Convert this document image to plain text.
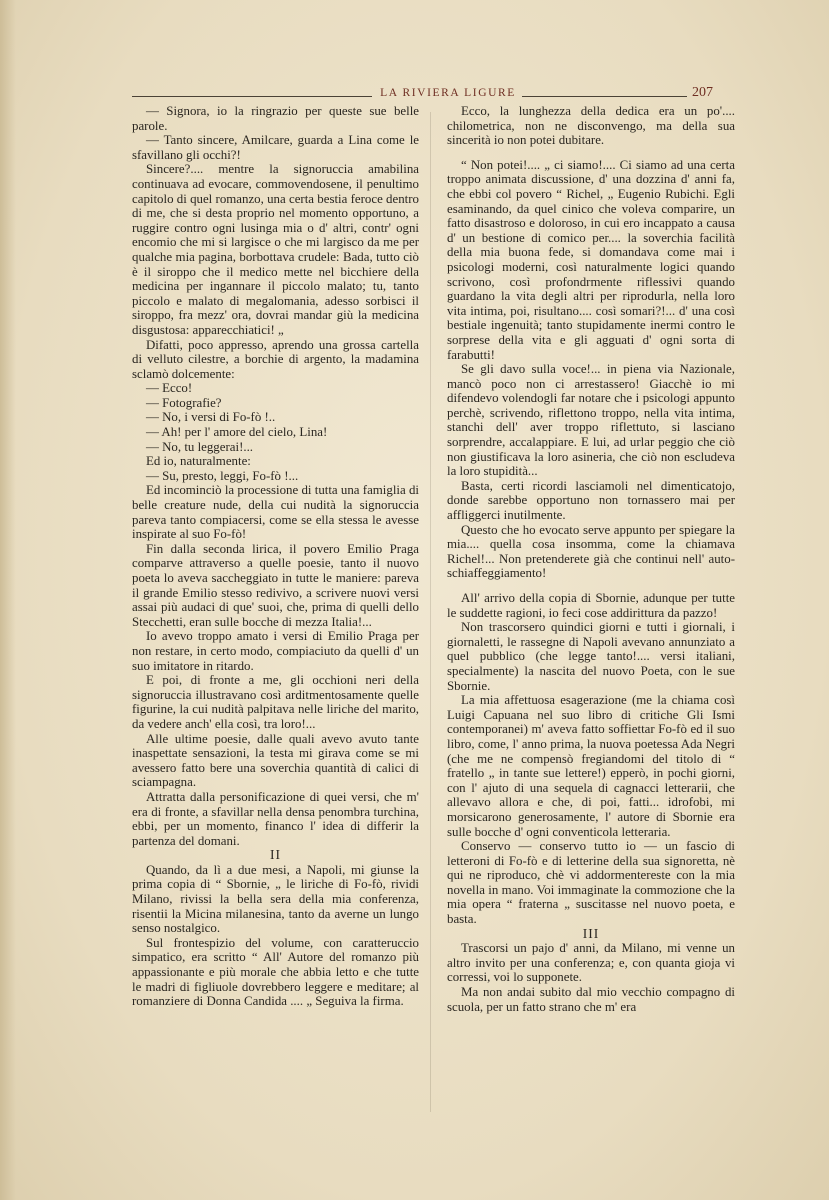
LA RIVIERA LIGURE	207

— Signora, io la ringrazio per queste sue belle parole.

— Tanto sincere, Amilcare, guarda a Lina come le sfavillano gli occhi?!

Sincere?.... mentre la signoruccia amabilina continuava ad evocare, commovendosene, il penultimo capitolo di quel romanzo, una certa bestia feroce dentro di me, che si desta proprio nel momento opportuno, a ruggire contro ogni lusinga mia o d' altri, contr' ogni encomio che mi si largisce o che mi largisco da me per qualche mia pagina, borbottava crudele: Bada, tutto ciò è il siroppo che il medico mette nel bicchiere della medicina per ingannare il piccolo malato; tu, tanto piccolo e malato di megalomania, adesso sorbisci il siroppo, fra mezz' ora, dovrai mandar giù la medicina disgustosa: apparecchiatici! „

Difatti, poco appresso, aprendo una grossa cartella di velluto cilestre, a borchie di argento, la madamina sclamò dolcemente:

— Ecco!

— Fotografie?

— No, i versi di Fo-fò !..

— Ah! per l' amore del cielo, Lina!

— No, tu leggerai!...

Ed io, naturalmente:

— Su, presto, leggi, Fo-fò !...

Ed incominciò la processione di tutta una famiglia di belle creature nude, della cui nudità la signoruccia pareva tanto compiacersi, come se ella stessa le avesse inspirate al suo Fo-fò!

Fin dalla seconda lirica, il povero Emilio Praga comparve attraverso a quelle poesie, tanto il nuovo poeta lo aveva saccheggiato in tutte le maniere: pareva il grande Emilio stesso redivivo, a scrivere nuovi versi assai più audaci di que' suoi, che, prima di quelli dello Stecchetti, eran sulle bocche di mezza Italia!...

Io avevo troppo amato i versi di Emilio Praga per non restare, in certo modo, compiaciuto da quelli d' un suo imitatore in ritardo.

E poi, di fronte a me, gli occhioni neri della signoruccia illustravano così arditmentosamente quelle figurine, la cui nudità palpitava nelle liriche del marito, da vedere anch' ella così, tra loro!...

Alle ultime poesie, dalle quali avevo avuto tante inaspettate sensazioni, la testa mi girava come se mi avessero fatto bere una soverchia quantità di calici di sciampagna.

Attratta dalla personificazione di quei versi, che m' era di fronte, a sfavillar nella densa penombra turchina, ebbi, per un momento, financo l' idea di differir la partenza del domani.

II

Quando, da lì a due mesi, a Napoli, mi giunse la prima copia di “ Sbornie, „ le liriche di Fo-fò, rividi Milano, rivissi la bella sera della mia conferenza, risentii la Micina milanesina, tanto da averne un lungo senso nostalgico.

Sul frontespizio del volume, con caratteruccio simpatico, era scritto “ All' Autore del romanzo più appassionante e più morale che abbia letto e che tutte le madri di figliuole dovrebbero leggere e meditare; al romanziere di Donna Candida .... „ Seguiva la firma.

Ecco, la lunghezza della dedica era un po'.... chilometrica, non ne disconvengo, ma della sua sincerità io non potei dubitare.

“ Non potei!.... „ ci siamo!.... Ci siamo ad una certa troppo animata discussione, d' una dozzina d' anni fa, che ebbi col povero “ Richel, „ Eugenio Rubichi. Egli esaminando, da quel cinico che voleva comparire, un fatto disastroso e doloroso, in cui ero incappato a causa d' un bestione di comico per.... la soverchia facilità della mia buona fede, si domandava come mai i psicologi moderni, così naturalmente logici quando scrivono, così profondrmente riflessivi quando guardano la vita degli altri per riprodurla, nella loro vita intima, poi, risultano.... così somari?!... d' una così bestiale ingenuità; tanto stupidamente inermi contro le sorprese della vita e gli agguati d' ogni sorta di farabutti!

Se gli davo sulla voce!... in piena via Nazionale, mancò poco non ci arrestassero! Giacchè io mi difendevo volendogli far notare che i psicologi appunto perchè, scrivendo, riflettono troppo, nella vita intima, stanchi dell' aver troppo riflettuto, si lasciano sorprendre, accalappiare. E lui, ad urlar peggio che ciò non giustificava la loro asineria, che ciò non escludeva la loro stupidità...

Basta, certi ricordi lasciamoli nel dimenticatojo, donde sarebbe opportuno non tornassero mai per affliggerci inutilmente.

Questo che ho evocato serve appunto per spiegare la mia.... quella cosa insomma, come la chiamava Richel!... Non pretenderete già che continui nell' auto-schiaffeggiamento!

All' arrivo della copia di Sbornie, adunque per tutte le suddette ragioni, io feci cose addirittura da pazzo!

Non trascorsero quindici giorni e tutti i giornali, i giornaletti, le rassegne di Napoli avevano annunziato a quel pubblico (che legge tanto!.... versi italiani, specialmente) la nascita del nuovo Poeta, con le sue Sbornie.

La mia affettuosa esagerazione (me la chiama così Luigi Capuana nel suo libro di critiche Gli Ismi contemporanei) m' aveva fatto soffiettar Fo-fò ed il suo libro, come, l' anno prima, la nuova poetessa Ada Negri (che me ne compensò fregiandomi del titolo di “ fratello „ in tante sue lettere!) epperò, in pochi giorni, con l' ajuto di una sequela di cagnacci letterarii, che allevavo allora e che, di poi, fatti... idrofobi, mi morsicarono generosamente, l' autore di Sbornie era sulle bocche d' ogni conventicola letteraria.

Conservo — conservo tutto io — un fascio di letteroni di Fo-fò e di letterine della sua signoretta, nè qui ne riproduco, chè vi addormentereste con la mia novella in mano. Voi immaginate la commozione che la mia opera “ fraterna „ suscitasse nel nuovo poeta, e basta.

III

Trascorsi un pajo d' anni, da Milano, mi venne un altro invito per una conferenza; e, con quanta gioja vi corressi, voi lo supponete.

Ma non andai subito dal mio vecchio compagno di scuola, per un fatto strano che m' era
